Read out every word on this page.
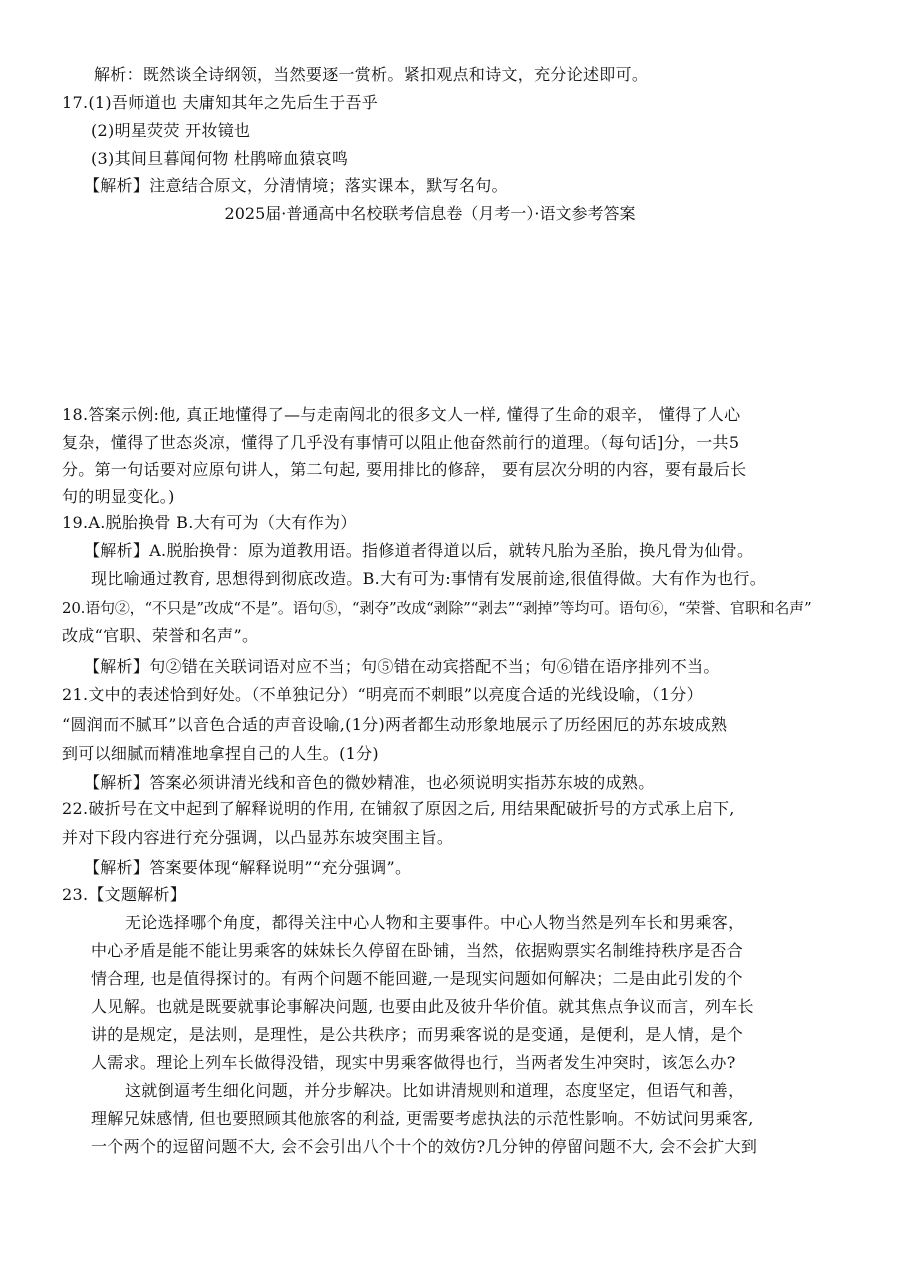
解析：既然谈全诗纲领，当然要逐一赏析。紧扣观点和诗文，充分论述即可。
17.(1)吾师道也 夫庸知其年之先后生于吾乎
(2)明星荧荧 开妆镜也
(3)其间旦暮闻何物 杜鹃啼血猿哀鸣
【解析】注意结合原文，分清情境；落实课本，默写名句。
2025届·普通高中名校联考信息卷（月考一）·语文参考答案
18.答案示例:他, 真正地懂得了—与走南闯北的很多文人一样, 懂得了生命的艰辛， 懂得了人心
复杂，懂得了世态炎凉，懂得了几乎没有事情可以阻止他奋然前行的道理。（每句话]分，一共5
分。第一句话要对应原句讲人，第二句起, 要用排比的修辞， 要有层次分明的内容，要有最后长
句的明显变化。)
19.A.脱胎换骨 B.大有可为（大有作为）
【解析】A.脱胎换骨：原为道教用语。指修道者得道以后，就转凡胎为圣胎，换凡骨为仙骨。
现比喻通过教育, 思想得到彻底改造。B.大有可为:事情有发展前途,很值得做。大有作为也行。
20.语句②，“不只是”改成“不是”。语句⑤，“剥夺”改成“剥除”“剥去”“剥掉”等均可。语句⑥，“荣誉、官职和名声”
改成“官职、荣誉和名声”。
【解析】句②错在关联词语对应不当；句⑤错在动宾搭配不当；句⑥错在语序排列不当。
21.文中的表述恰到好处。（不单独记分）“明亮而不刺眼”以亮度合适的光线设喻，（1分）
“圆润而不腻耳”以音色合适的声音设喻,(1分)两者都生动形象地展示了历经困厄的苏东坡成熟
到可以细腻而精准地拿捏自己的人生。(1分)
【解析】答案必须讲清光线和音色的微妙精准，也必须说明实指苏东坡的成熟。
22.破折号在文中起到了解释说明的作用, 在铺叙了原因之后, 用结果配破折号的方式承上启下,
并对下段内容进行充分强调，以凸显苏东坡突围主旨。
【解析】答案要体现“解释说明”“充分强调”。
23.【文题解析】
无论选择哪个角度，都得关注中心人物和主要事件。中心人物当然是列车长和男乘客，
中心矛盾是能不能让男乘客的妹妹长久停留在卧铺，当然，依据购票实名制维持秩序是否合
情合理, 也是值得探讨的。有两个问题不能回避,一是现实问题如何解决；二是由此引发的个
人见解。也就是既要就事论事解决问题, 也要由此及彼升华价值。就其焦点争议而言，列车长
讲的是规定，是法则，是理性，是公共秩序；而男乘客说的是变通，是便利，是人情，是个
人需求。理论上列车长做得没错，现实中男乘客做得也行，当两者发生冲突时，该怎么办?
这就倒逼考生细化问题，并分步解决。比如讲清规则和道理，态度坚定，但语气和善，
理解兄妹感情, 但也要照顾其他旅客的利益, 更需要考虑执法的示范性影响。不妨试问男乘客,
一个两个的逗留问题不大, 会不会引出八个十个的效仿?几分钟的停留问题不大, 会不会扩大到
